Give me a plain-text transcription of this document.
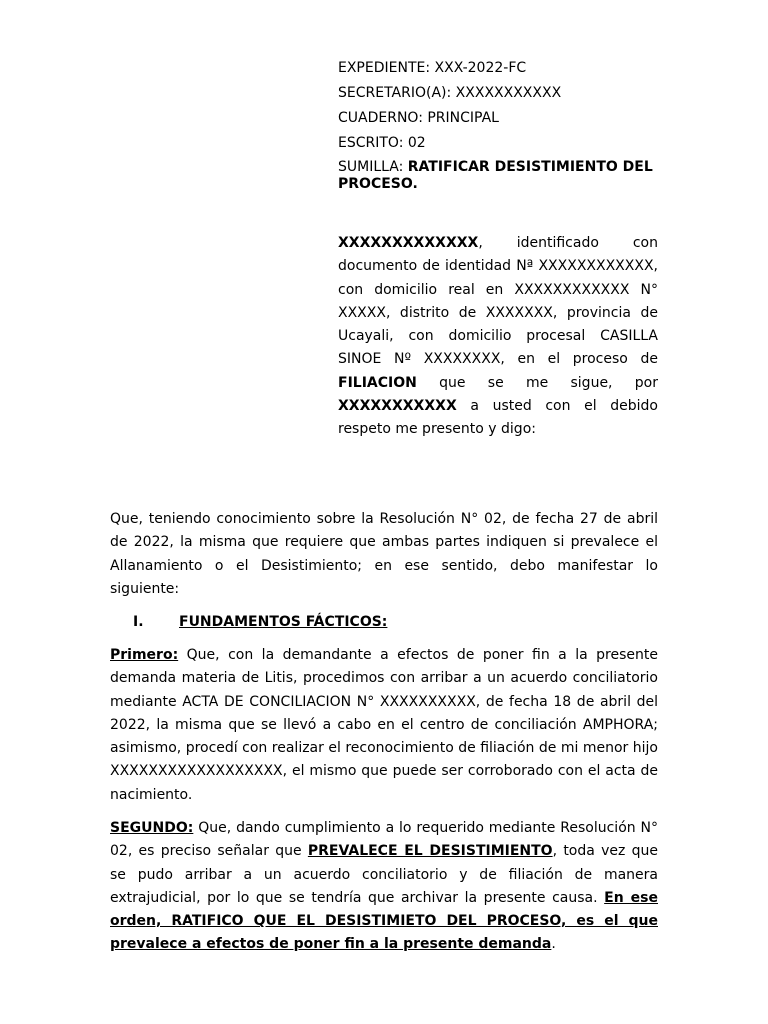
EXPEDIENTE: XXX-2022-FC
SECRETARIO(A): XXXXXXXXXXX
CUADERNO: PRINCIPAL
ESCRITO: 02
SUMILLA: RATIFICAR DESISTIMIENTO DEL PROCESO.
XXXXXXXXXXXXX, identificado con documento de identidad Nª XXXXXXXXXXXX, con domicilio real en XXXXXXXXXXXX N° XXXXX, distrito de XXXXXXX, provincia de Ucayali, con domicilio procesal CASILLA SINOE Nº XXXXXXXX, en el proceso de FILIACION que se me sigue, por XXXXXXXXXXX a usted con el debido respeto me presento y digo:
Que, teniendo conocimiento sobre la Resolución N° 02, de fecha 27 de abril de 2022, la misma que requiere que ambas partes indiquen si prevalece el Allanamiento o el Desistimiento; en ese sentido, debo manifestar lo siguiente:
I.	FUNDAMENTOS FÁCTICOS:
Primero: Que, con la demandante a efectos de poner fin a la presente demanda materia de Litis, procedimos con arribar a un acuerdo conciliatorio mediante ACTA DE CONCILIACION N° XXXXXXXXXX, de fecha 18 de abril del 2022, la misma que se llevó a cabo en el centro de conciliación AMPHORA; asimismo, procedí con realizar el reconocimiento de filiación de mi menor hijo XXXXXXXXXXXXXXXXXX, el mismo que puede ser corroborado con el acta de nacimiento.
SEGUNDO: Que, dando cumplimiento a lo requerido mediante Resolución N° 02, es preciso señalar que PREVALECE EL DESISTIMIENTO, toda vez que se pudo arribar a un acuerdo conciliatorio y de filiación de manera extrajudicial, por lo que se tendría que archivar la presente causa. En ese orden, RATIFICO QUE EL DESISTIMIETO DEL PROCESO, es el que prevalece a efectos de poner fin a la presente demanda.
